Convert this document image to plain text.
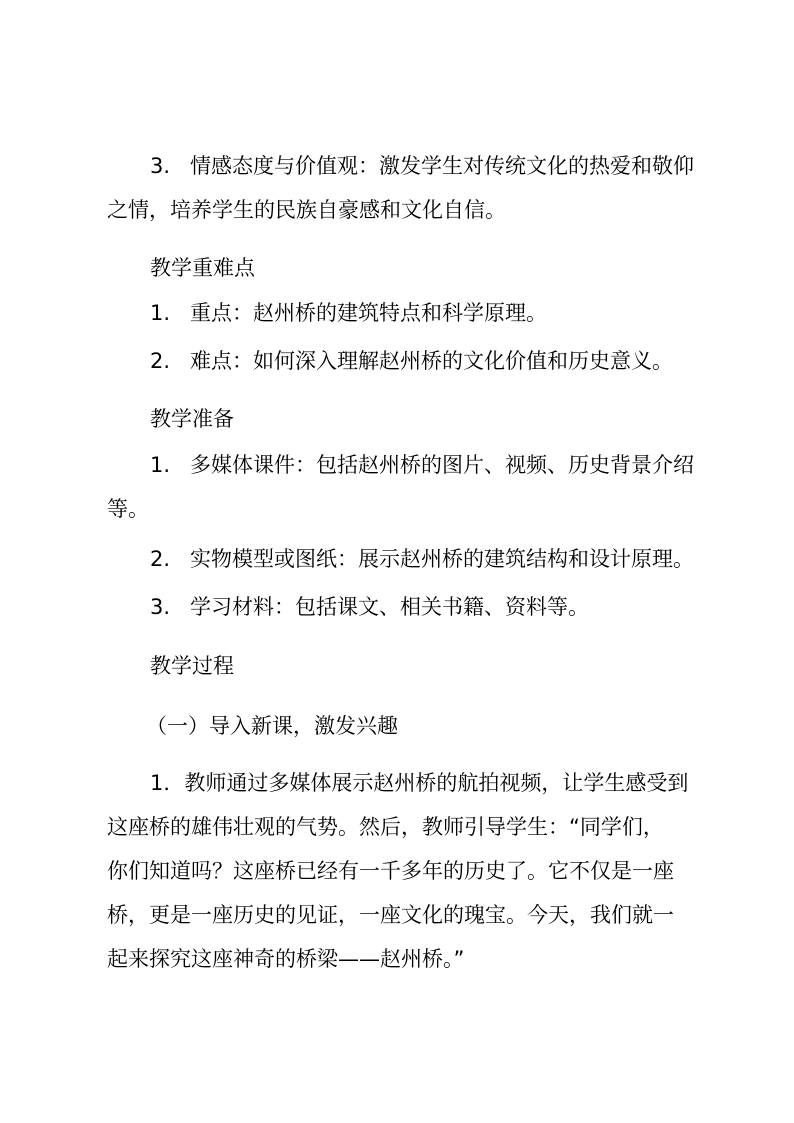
3. 情感态度与价值观：激发学生对传统文化的热爱和敬仰

之情，培养学生的民族自豪感和文化自信。

教学重难点

1. 重点：赵州桥的建筑特点和科学原理。

2. 难点：如何深入理解赵州桥的文化价值和历史意义。

教学准备

1. 多媒体课件：包括赵州桥的图片、视频、历史背景介绍

等。

2. 实物模型或图纸：展示赵州桥的建筑结构和设计原理。

3. 学习材料：包括课文、相关书籍、资料等。

教学过程

（一）导入新课，激发兴趣

1．教师通过多媒体展示赵州桥的航拍视频，让学生感受到

这座桥的雄伟壮观的气势。然后，教师引导学生：“同学们，

你们知道吗？这座桥已经有一千多年的历史了。它不仅是一座

桥，更是一座历史的见证，一座文化的瑰宝。今天，我们就一

起来探究这座神奇的桥梁——赵州桥。”
